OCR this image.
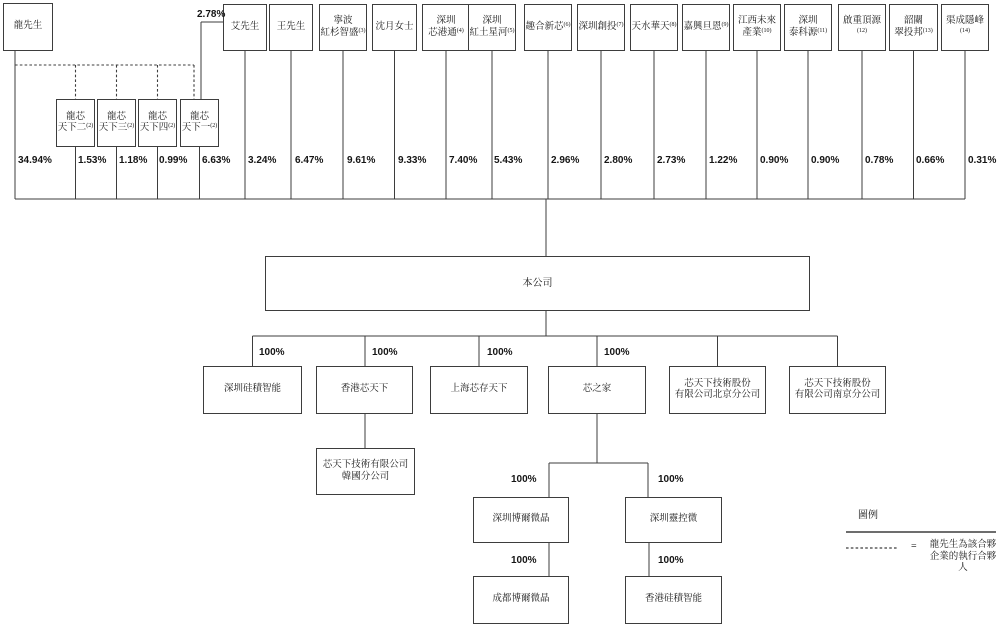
龍先生
龍芯
天下二$^{(2)}$
龍芯
天下三$^{(2)}$
龍芯
天下四$^{(2)}$
龍芯
天下一$^{(2)}$
艾先生 王先生
寧波
紅杉智盛$^{(3)}$ 沈月女士
深圳
芯港通$^{(4)}$
深圳
紅土星河$^{(5)}$ 趣合新芯$^{(6)}$ 深圳創投$^{(7)}$ 天水華天$^{(8)}$ 嘉興旦恩$^{(9)}$ 江西未來
產業$^{(10)}$
深圳
泰科源$^{(11)}$
啟重頂源$^{(12)}$
韶關
翠投邦$^{(13)}$
渠成隱峰$^{(14)}$
2.78%
34.94%	1.53% 1.18% 0.99% 6.63% 3.24% 6.47% 9.61% 9.33% 7.40% 5.43%	2.96% 2.80% 2.73% 1.22% 0.90% 0.90%	0.78% 0.66% 0.31%
本公司
100%	100%	100%	100%
深圳硅積智能	香港芯天下	上海芯存天下	芯之家
芯天下技術股份
有限公司北京分公司
芯天下技術股份
有限公司南京分公司
芯天下技術有限公司
韓國分公司	100%	100%
深圳博爾微晶	深圳靈控微
100%	100%
成都博爾微晶	香港硅積智能
圖例
= 龍先生為該合夥
企業的執行合夥人
